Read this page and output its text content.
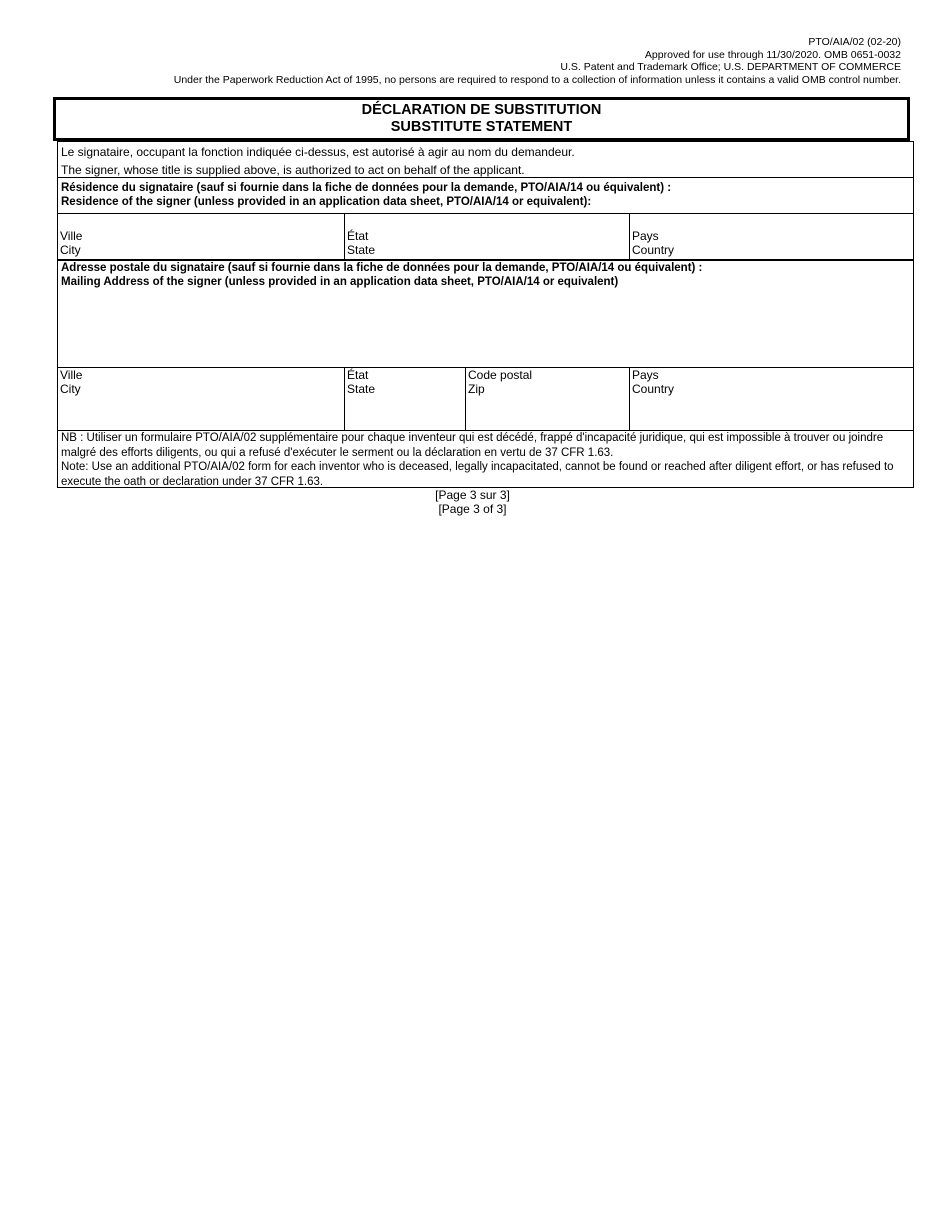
PTO/AIA/02 (02-20)
Approved for use through 11/30/2020. OMB 0651-0032
U.S. Patent and Trademark Office; U.S. DEPARTMENT OF COMMERCE
Under the Paperwork Reduction Act of 1995, no persons are required to respond to a collection of information unless it contains a valid OMB control number.
DÉCLARATION DE SUBSTITUTION
SUBSTITUTE STATEMENT
Le signataire, occupant la fonction indiquée ci-dessus, est autorisé à agir au nom du demandeur.
The signer, whose title is supplied above, is authorized to act on behalf of the applicant.
Résidence du signataire (sauf si fournie dans la fiche de données pour la demande, PTO/AIA/14 ou équivalent) :
Residence of the signer (unless provided in an application data sheet, PTO/AIA/14 or equivalent):
Ville
City
État
State
Pays
Country
Adresse postale du signataire (sauf si fournie dans la fiche de données pour la demande, PTO/AIA/14 ou équivalent) :
Mailing Address of the signer (unless provided in an application data sheet, PTO/AIA/14 or equivalent)
Ville
City
État
State
Code postal
Zip
Pays
Country
NB : Utiliser un formulaire PTO/AIA/02 supplémentaire pour chaque inventeur qui est décédé, frappé d'incapacité juridique, qui est impossible à trouver ou joindre malgré des efforts diligents, ou qui a refusé d'exécuter le serment ou la déclaration en vertu de 37 CFR 1.63.
Note: Use an additional PTO/AIA/02 form for each inventor who is deceased, legally incapacitated, cannot be found or reached after diligent effort, or has refused to execute the oath or declaration under 37 CFR 1.63.
[Page 3 sur 3]
[Page 3 of 3]
